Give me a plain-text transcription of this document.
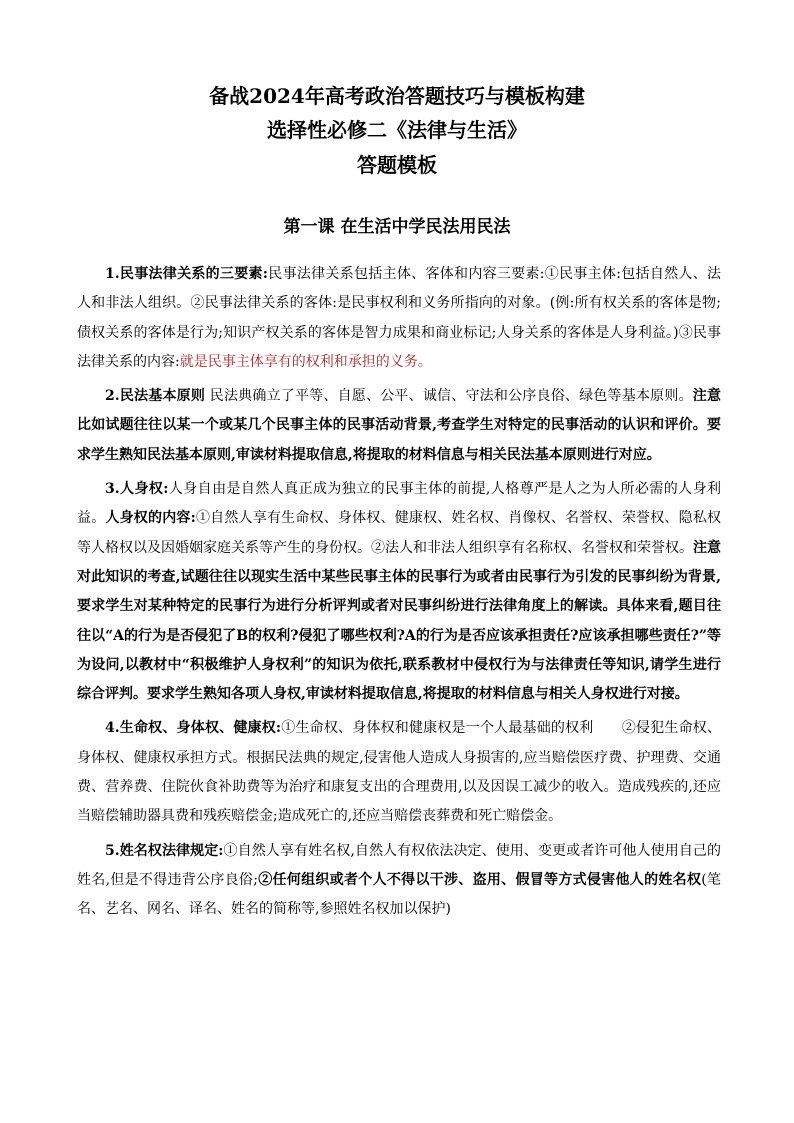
备战2024年高考政治答题技巧与模板构建
选择性必修二《法律与生活》
答题模板
第一课 在生活中学民法用民法

1.民事法律关系的三要素:民事法律关系包括主体、客体和内容三要素:①民事主体:包括自然人、法人和非法人组织。②民事法律关系的客体:是民事权利和义务所指向的对象。(例:所有权关系的客体是物;债权关系的客体是行为;知识产权关系的客体是智力成果和商业标记;人身关系的客体是人身利益。)③民事法律关系的内容:就是民事主体享有的权利和承担的义务。

2.民法基本原则 民法典确立了平等、自愿、公平、诚信、守法和公序良俗、绿色等基本原则。注意比如试题往往以某一个或某几个民事主体的民事活动背景,考查学生对特定的民事活动的认识和评价。要求学生熟知民法基本原则,审读材料提取信息,将提取的材料信息与相关民法基本原则进行对应。

3.人身权:人身自由是自然人真正成为独立的民事主体的前提,人格尊严是人之为人所必需的人身利益。人身权的内容:①自然人享有生命权、身体权、健康权、姓名权、肖像权、名誉权、荣誉权、隐私权等人格权以及因婚姻家庭关系等产生的身份权。②法人和非法人组织享有名称权、名誉权和荣誉权。注意对此知识的考查,试题往往以现实生活中某些民事主体的民事行为或者由民事行为引发的民事纠纷为背景,要求学生对某种特定的民事行为进行分析评判或者对民事纠纷进行法律角度上的解读。具体来看,题目往往以“A的行为是否侵犯了B的权利?侵犯了哪些权利?A的行为是否应该承担责任?应该承担哪些责任?”等为设问,以教材中“积极维护人身权利”的知识为依托,联系教材中侵权行为与法律责任等知识,请学生进行综合评判。要求学生熟知各项人身权,审读材料提取信息,将提取的材料信息与相关人身权进行对接。

4.生命权、身体权、健康权:①生命权、身体权和健康权是一个人最基础的权利　　②侵犯生命权、身体权、健康权承担方式。根据民法典的规定,侵害他人造成人身损害的,应当赔偿医疗费、护理费、交通费、营养费、住院伙食补助费等为治疗和康复支出的合理费用,以及因误工减少的收入。造成残疾的,还应当赔偿辅助器具费和残疾赔偿金;造成死亡的,还应当赔偿丧葬费和死亡赔偿金。

5.姓名权法律规定:①自然人享有姓名权,自然人有权依法决定、使用、变更或者许可他人使用自己的姓名,但是不得违背公序良俗;②任何组织或者个人不得以干涉、盗用、假冒等方式侵害他人的姓名权(笔名、艺名、网名、译名、姓名的简称等,参照姓名权加以保护)
